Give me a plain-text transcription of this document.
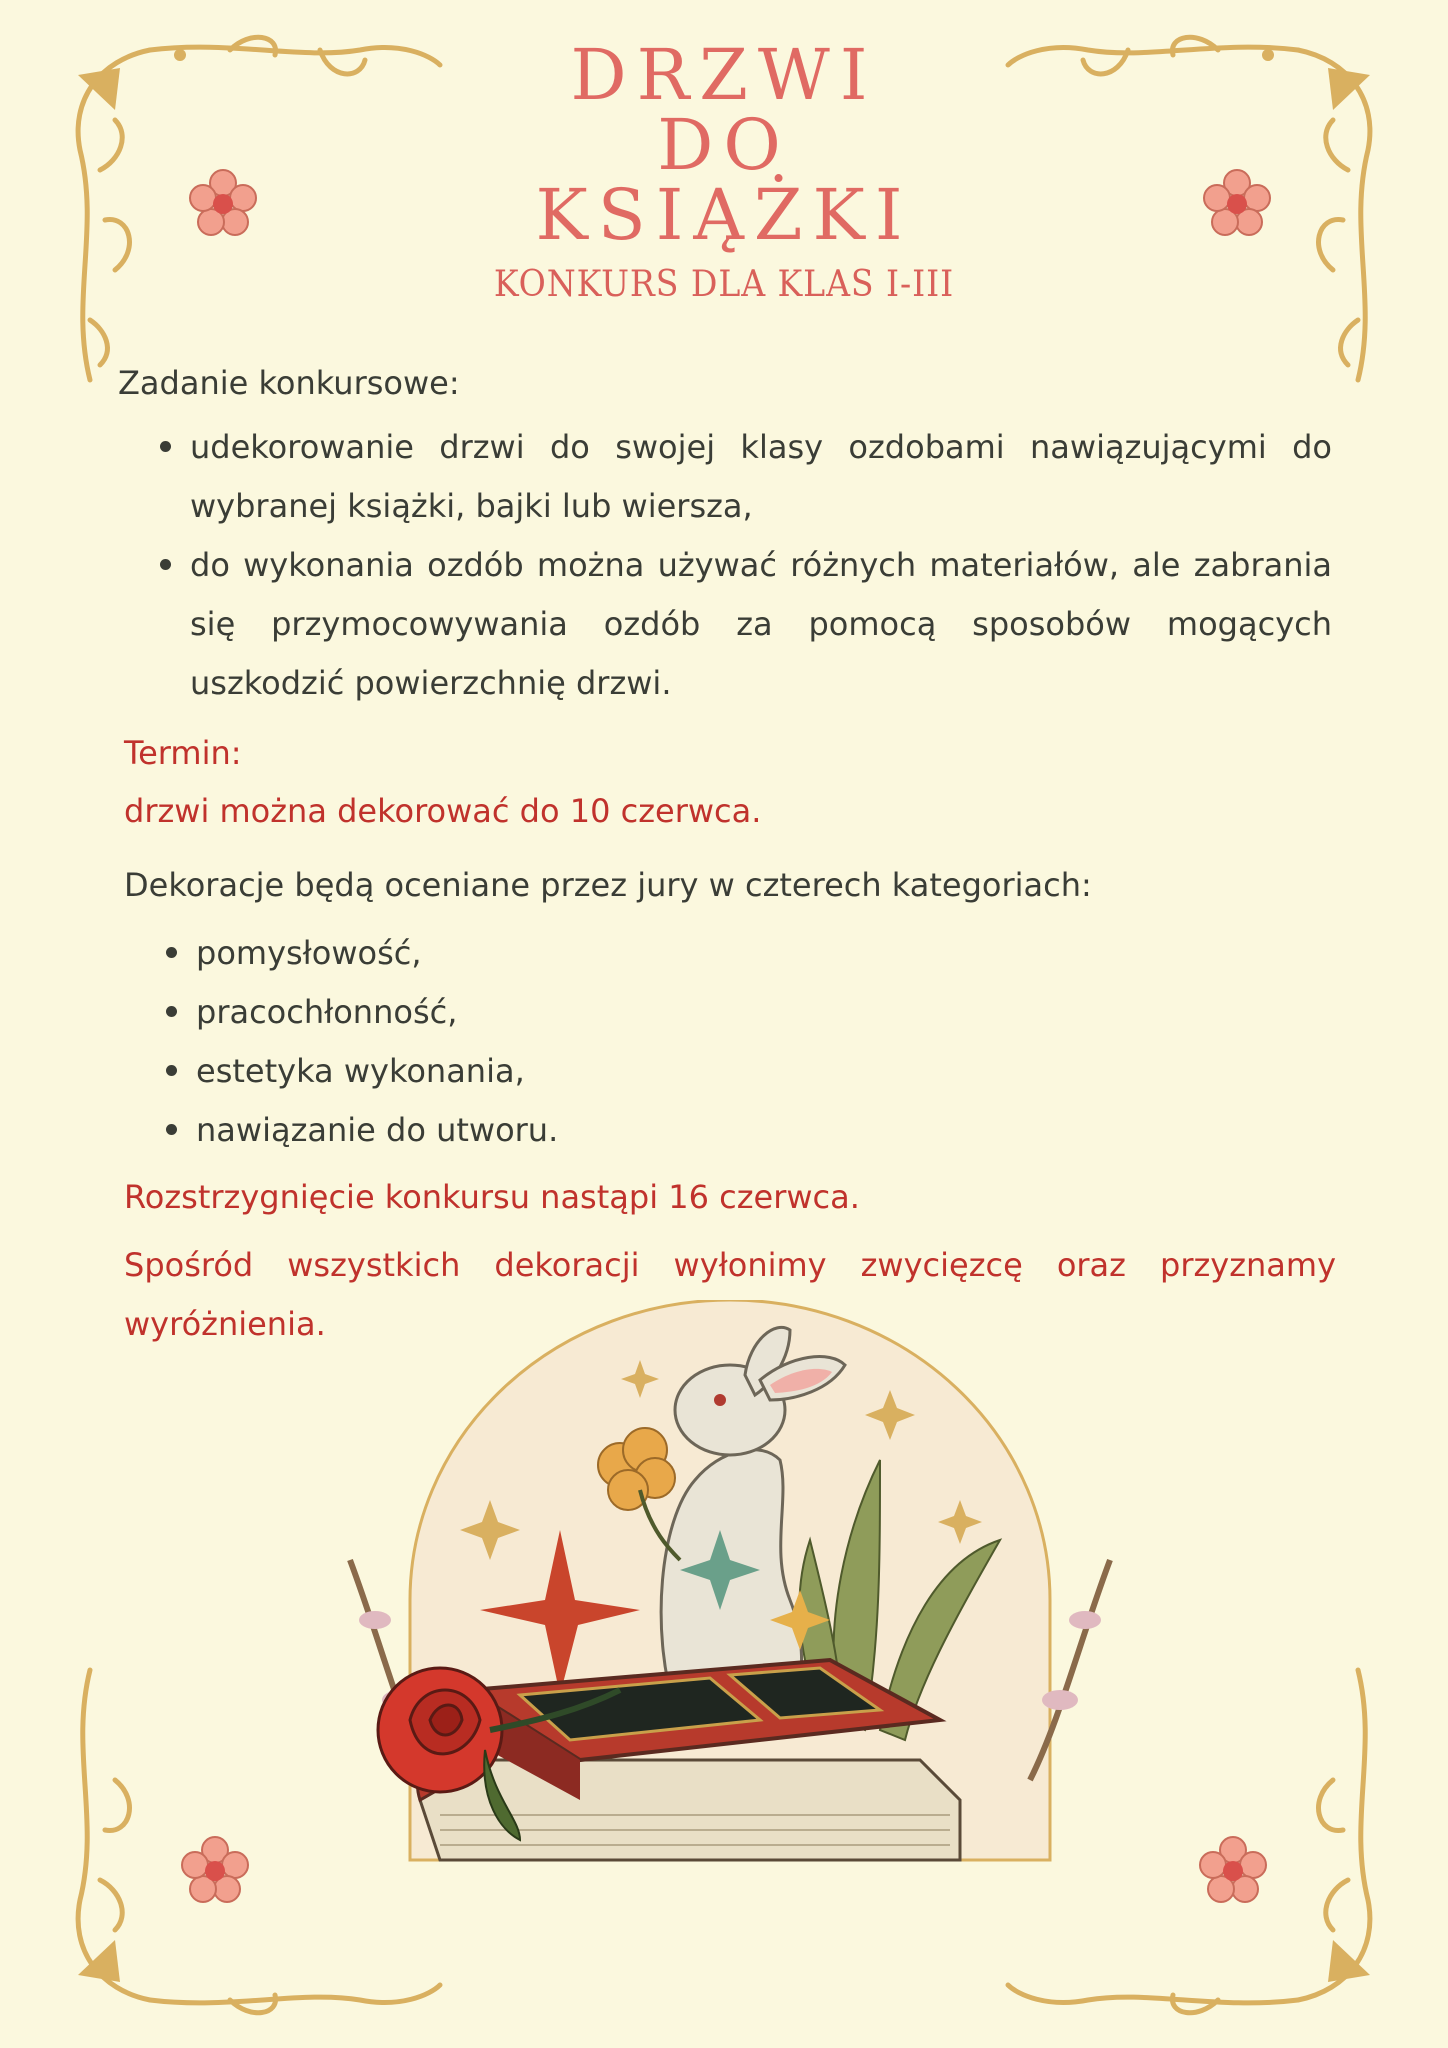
DRZWI
DO
KSIĄŻKI
KONKURS DLA KLAS I-III
Zadanie konkursowe:
udekorowanie drzwi do swojej klasy ozdobami nawiązującymi do wybranej książki, bajki lub wiersza,
do wykonania ozdób można używać różnych materiałów, ale zabrania się przymocowywania ozdób za pomocą sposobów mogących uszkodzić powierzchnię drzwi.
Termin:
drzwi można dekorować do 10 czerwca.
Dekoracje będą oceniane przez jury w czterech kategoriach:
pomysłowość,
pracochłonność,
estetyka wykonania,
nawiązanie do utworu.
Rozstrzygnięcie konkursu nastąpi 16 czerwca.
Spośród wszystkich dekoracji wyłonimy zwycięzcę oraz przyznamy wyróżnienia.
